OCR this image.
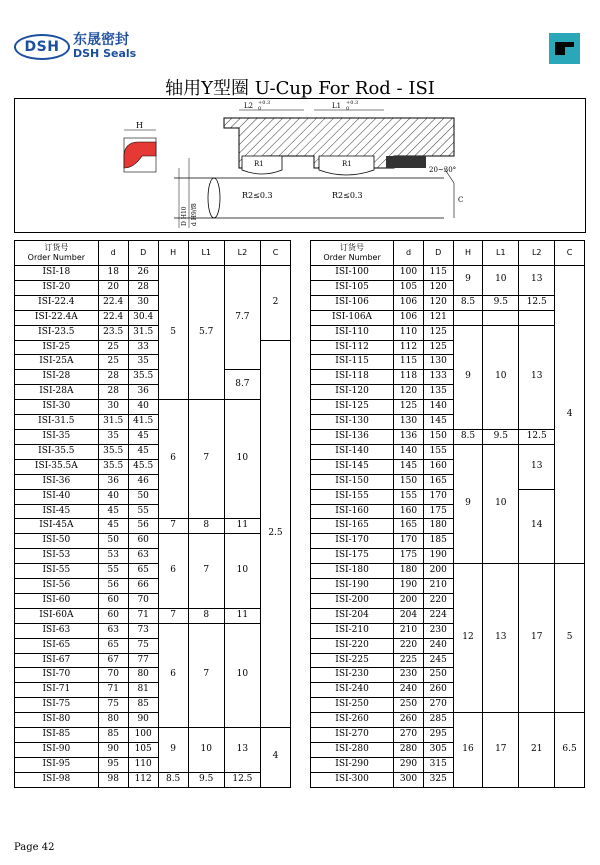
DSH 东晟密封
DSH Seals
轴用Y型圈 U-Cup For Rod - ISI
H
L2 +0.3
0	L1 +0.3
0
R1	R1
R2≤0.3	R2≤0.3
20~30°
C
D H10 d H9/f8
订货号
Order Number	d	D	H	L1	L2	C
ISI-18	18	26	5	5.7	7.7	2
ISI-20	20	28				
ISI-22.4	22.4	30				
ISI-22.4A	22.4	30.4				
ISI-23.5	23.5	31.5				
ISI-25	25	33				2.5
ISI-25A	25	35				
ISI-28	28	35.5			8.7	
ISI-28A	28	36				
ISI-30	30	40	6	7	10	
ISI-31.5	31.5	41.5				
ISI-35	35	45				
ISI-35.5	35.5	45				
ISI-35.5A	35.5	45.5				
ISI-36	36	46				
ISI-40	40	50				
ISI-45	45	55				
ISI-45A	45	56	7	8	11	
ISI-50	50	60	6	7	10	
ISI-53	53	63				
ISI-55	55	65				
ISI-56	56	66				
ISI-60	60	70				
ISI-60A	60	71	7	8	11	
ISI-63	63	73	6	7	10	
ISI-65	65	75				
ISI-67	67	77				
ISI-70	70	80				
ISI-71	71	81				
ISI-75	75	85				
ISI-80	80	90				
ISI-85	85	100	9	10	13	4
ISI-90	90	105				
ISI-95	95	110				
ISI-98	98	112	8.5	9.5	12.5	
订货号
Order Number	d	D	H	L1	L2	C
ISI-100	100	115	9	10	13	4
ISI-105	105	120				
ISI-106	106	120	8.5	9.5	12.5	
ISI-106A	106	121				
ISI-110	110	125	9	10	13	
ISI-112	112	125				
ISI-115	115	130				
ISI-118	118	133				
ISI-120	120	135				
ISI-125	125	140				
ISI-130	130	145				
ISI-136	136	150	8.5	9.5	12.5	
ISI-140	140	155	9	10	13	
ISI-145	145	160				
ISI-150	150	165				
ISI-155	155	170			14	
ISI-160	160	175				
ISI-165	165	180				
ISI-170	170	185				
ISI-175	175	190				
ISI-180	180	200	12	13	17	5
ISI-190	190	210				
ISI-200	200	220				
ISI-204	204	224				
ISI-210	210	230				
ISI-220	220	240				
ISI-225	225	245				
ISI-230	230	250				
ISI-240	240	260				
ISI-250	250	270				
ISI-260	260	285	16	17	21	6.5
ISI-270	270	295				
ISI-280	280	305				
ISI-290	290	315				
ISI-300	300	325				
Page 42
